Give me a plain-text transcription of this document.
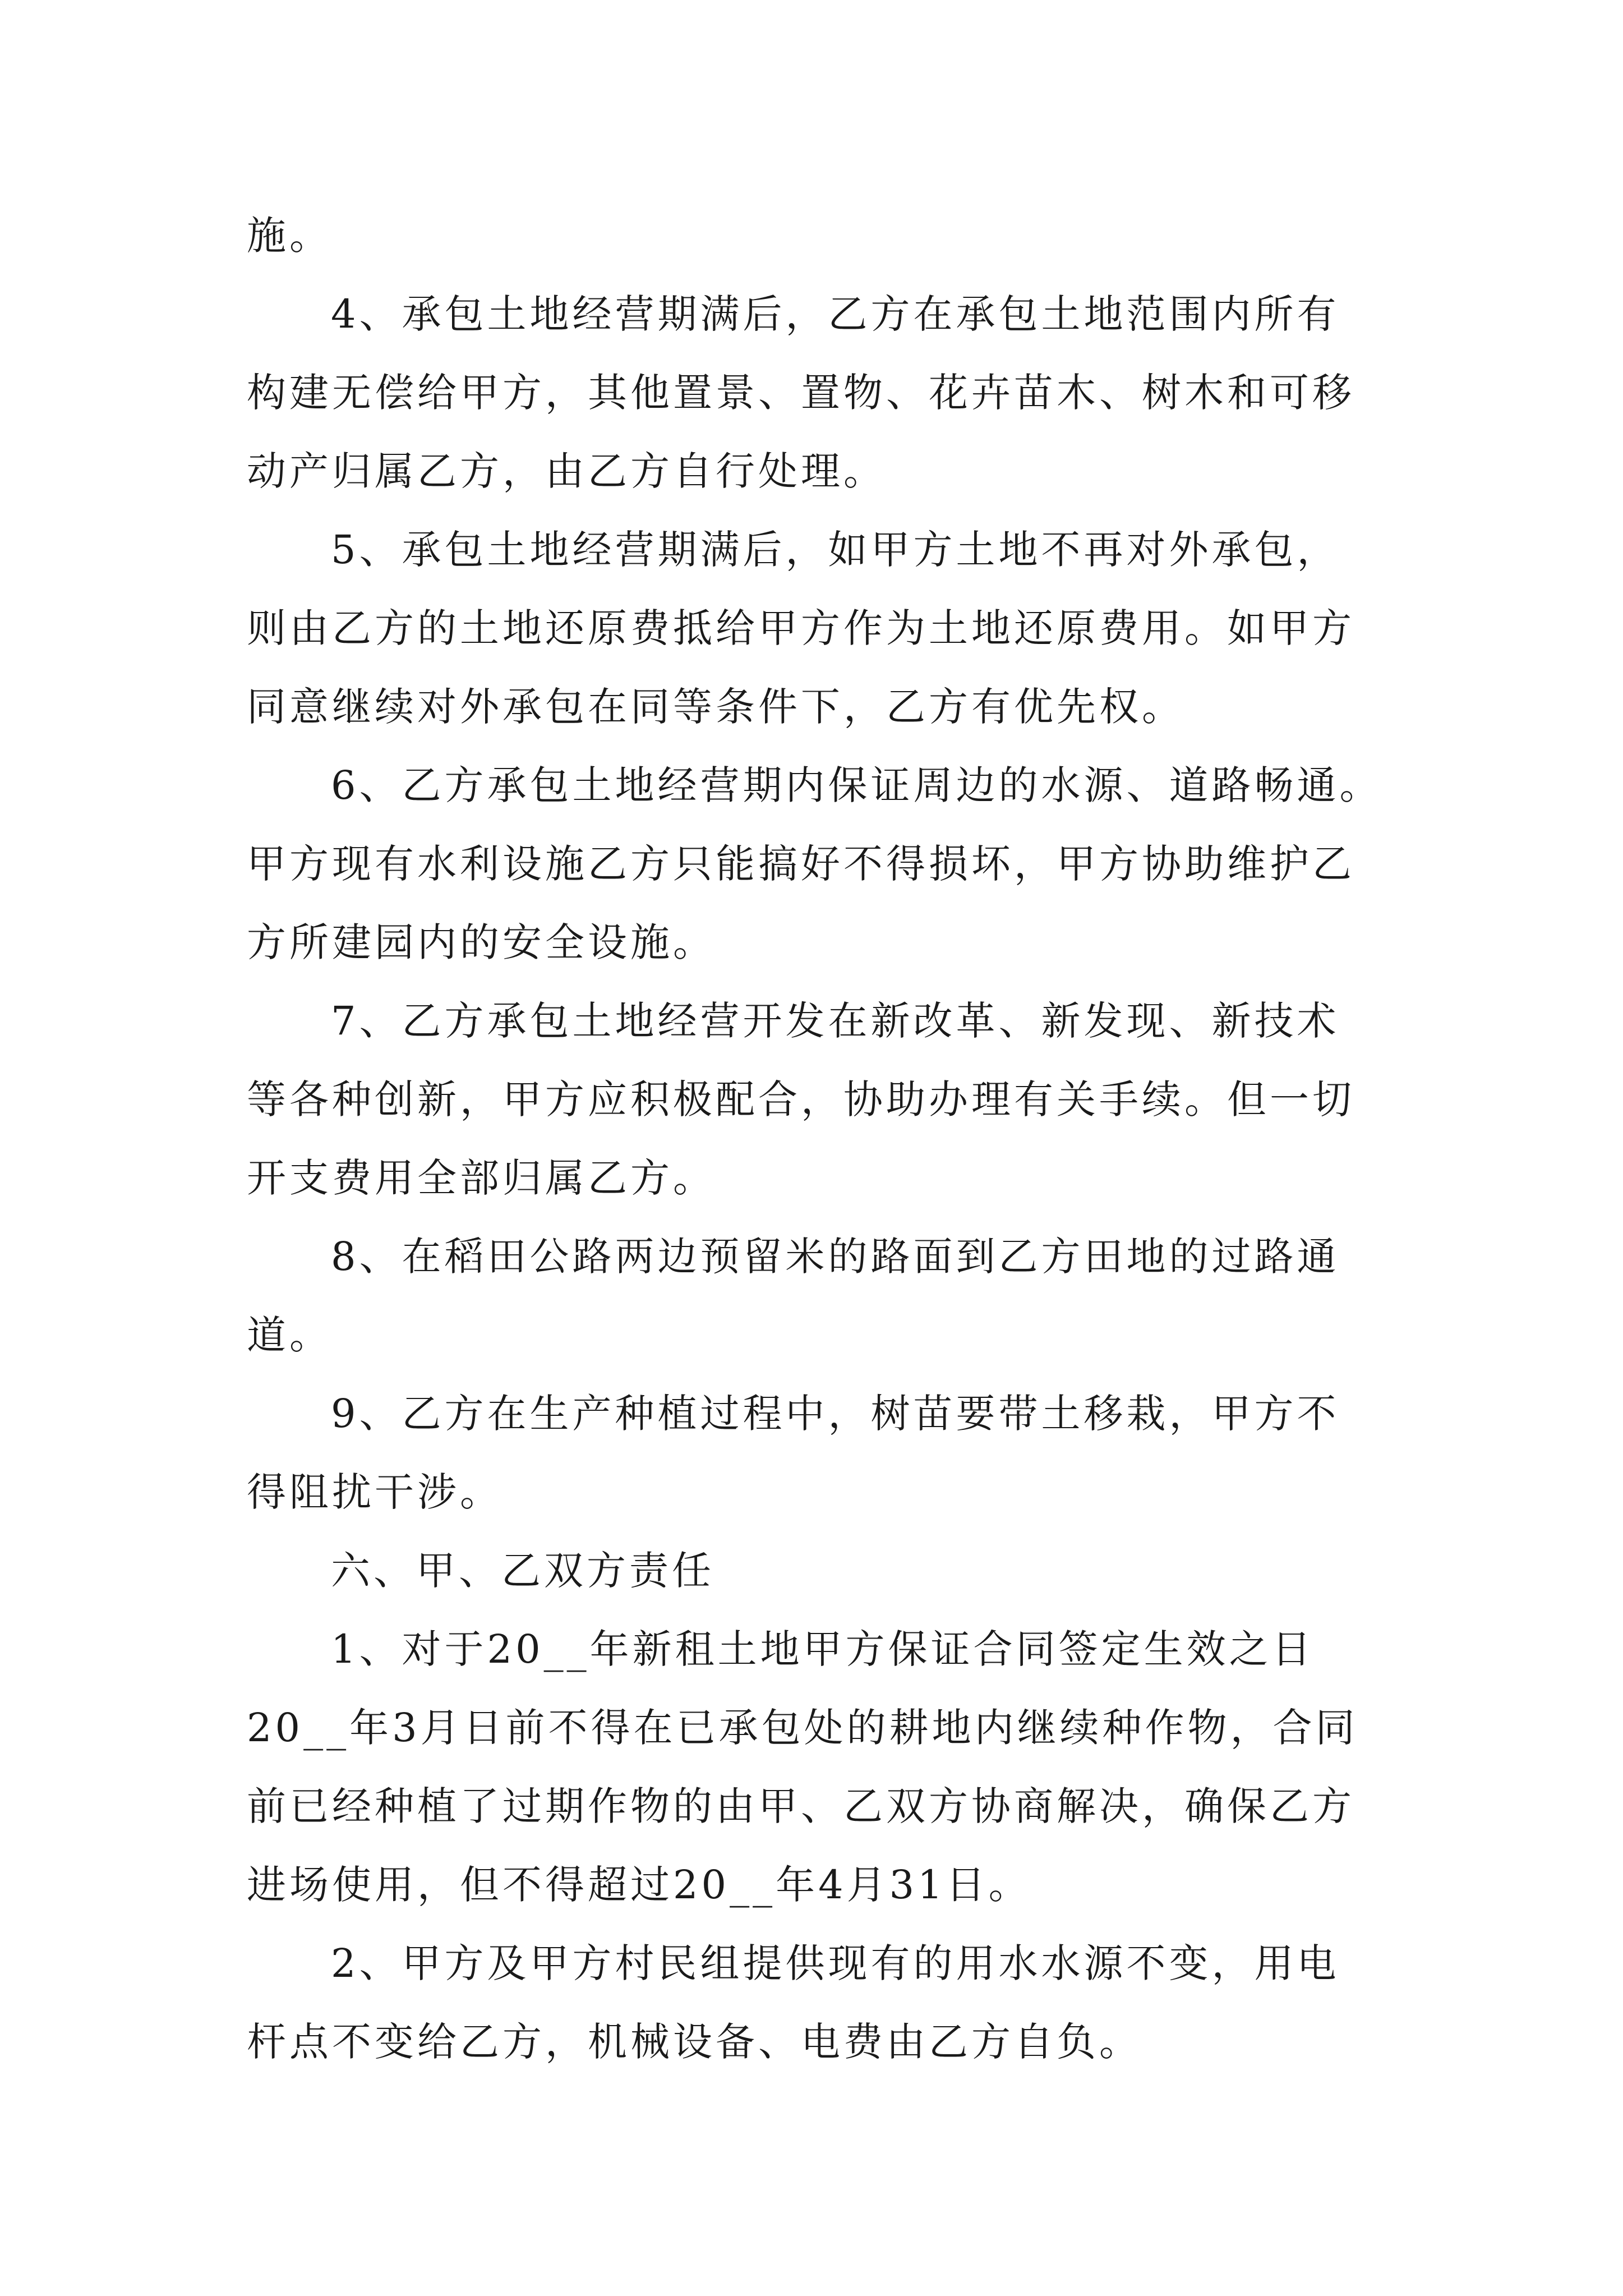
施。
4、承包土地经营期满后，乙方在承包土地范围内所有
构建无偿给甲方，其他置景、置物、花卉苗木、树木和可移
动产归属乙方，由乙方自行处理。
5、承包土地经营期满后，如甲方土地不再对外承包，
则由乙方的土地还原费抵给甲方作为土地还原费用。如甲方
同意继续对外承包在同等条件下，乙方有优先权。
6、乙方承包土地经营期内保证周边的水源、道路畅通。
甲方现有水利设施乙方只能搞好不得损坏，甲方协助维护乙
方所建园内的安全设施。
7、乙方承包土地经营开发在新改革、新发现、新技术
等各种创新，甲方应积极配合，协助办理有关手续。但一切
开支费用全部归属乙方。
8、在稻田公路两边预留米的路面到乙方田地的过路通
道。
9、乙方在生产种植过程中，树苗要带土移栽，甲方不
得阻扰干涉。
六、甲、乙双方责任
1、对于20__年新租土地甲方保证合同签定生效之日
20__年3月日前不得在已承包处的耕地内继续种作物，合同
前已经种植了过期作物的由甲、乙双方协商解决，确保乙方
进场使用，但不得超过20__年4月31日。
2、甲方及甲方村民组提供现有的用水水源不变，用电
杆点不变给乙方，机械设备、电费由乙方自负。
